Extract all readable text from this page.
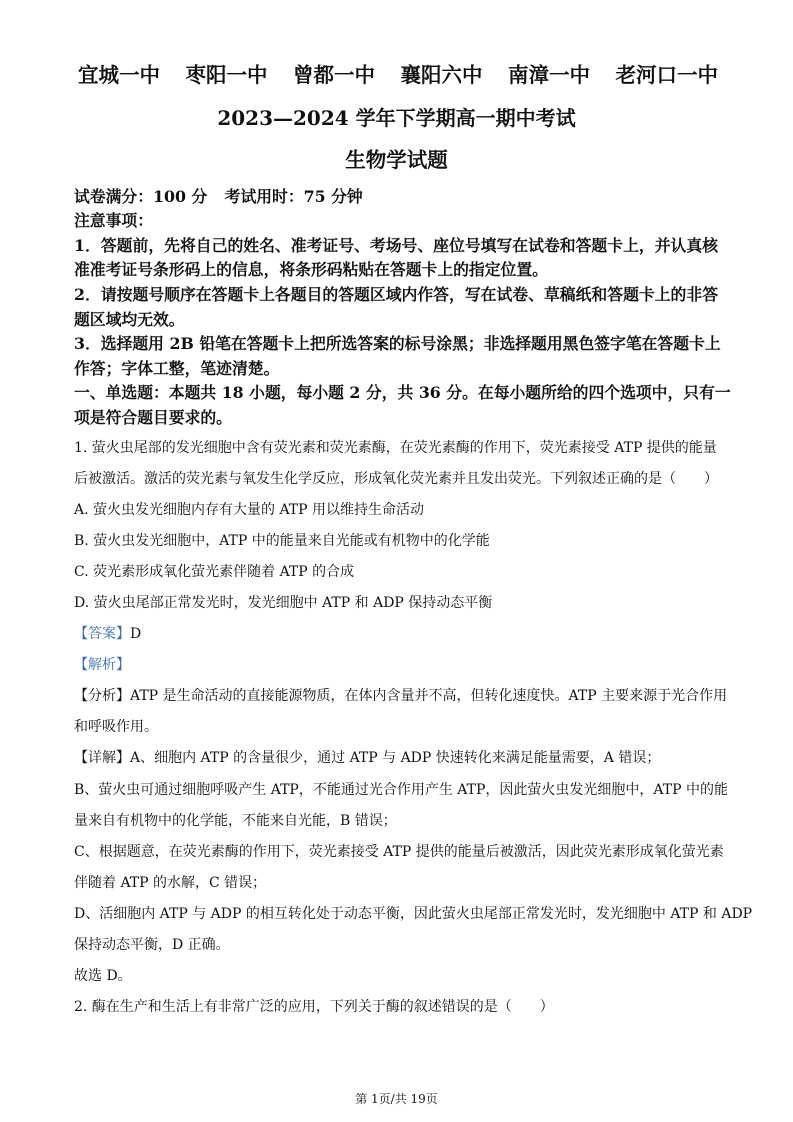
宜城一中 枣阳一中 曾都一中 襄阳六中 南漳一中 老河口一中
2023—2024 学年下学期高一期中考试
生物学试题
试卷满分：100 分 考试用时：75 分钟
注意事项：
1．答题前，先将自己的姓名、准考证号、考场号、座位号填写在试卷和答题卡上，并认真核
准准考证号条形码上的信息，将条形码粘贴在答题卡上的指定位置。
2．请按题号顺序在答题卡上各题目的答题区域内作答，写在试卷、草稿纸和答题卡上的非答
题区域均无效。
3．选择题用 2B 铅笔在答题卡上把所选答案的标号涂黑；非选择题用黑色签字笔在答题卡上
作答；字体工整，笔迹清楚。
一、单选题：本题共 18 小题，每小题 2 分，共 36 分。在每小题所给的四个选项中，只有一
项是符合题目要求的。
1. 萤火虫尾部的发光细胞中含有荧光素和荧光素酶，在荧光素酶的作用下，荧光素接受 ATP 提供的能量
后被激活。激活的荧光素与氧发生化学反应，形成氧化荧光素并且发出荧光。下列叙述正确的是（　　）
A. 萤火虫发光细胞内存有大量的 ATP 用以维持生命活动
B. 萤火虫发光细胞中，ATP 中的能量来自光能或有机物中的化学能
C. 荧光素形成氧化萤光素伴随着 ATP 的合成
D. 萤火虫尾部正常发光时，发光细胞中 ATP 和 ADP 保持动态平衡
【答案】D
【解析】
【分析】ATP 是生命活动的直接能源物质，在体内含量并不高，但转化速度快。ATP 主要来源于光合作用
和呼吸作用。
【详解】A、细胞内 ATP 的含量很少，通过 ATP 与 ADP 快速转化来满足能量需要，A 错误；
B、萤火虫可通过细胞呼吸产生 ATP，不能通过光合作用产生 ATP，因此萤火虫发光细胞中，ATP 中的能
量来自有机物中的化学能，不能来自光能，B 错误；
C、根据题意，在荧光素酶的作用下，荧光素接受 ATP 提供的能量后被激活，因此荧光素形成氧化萤光素
伴随着 ATP 的水解，C 错误；
D、活细胞内 ATP 与 ADP 的相互转化处于动态平衡，因此萤火虫尾部正常发光时，发光细胞中 ATP 和 ADP
保持动态平衡，D 正确。
故选 D。
2. 酶在生产和生活上有非常广泛的应用，下列关于酶的叙述错误的是（　　）
第 1页/共 19页
